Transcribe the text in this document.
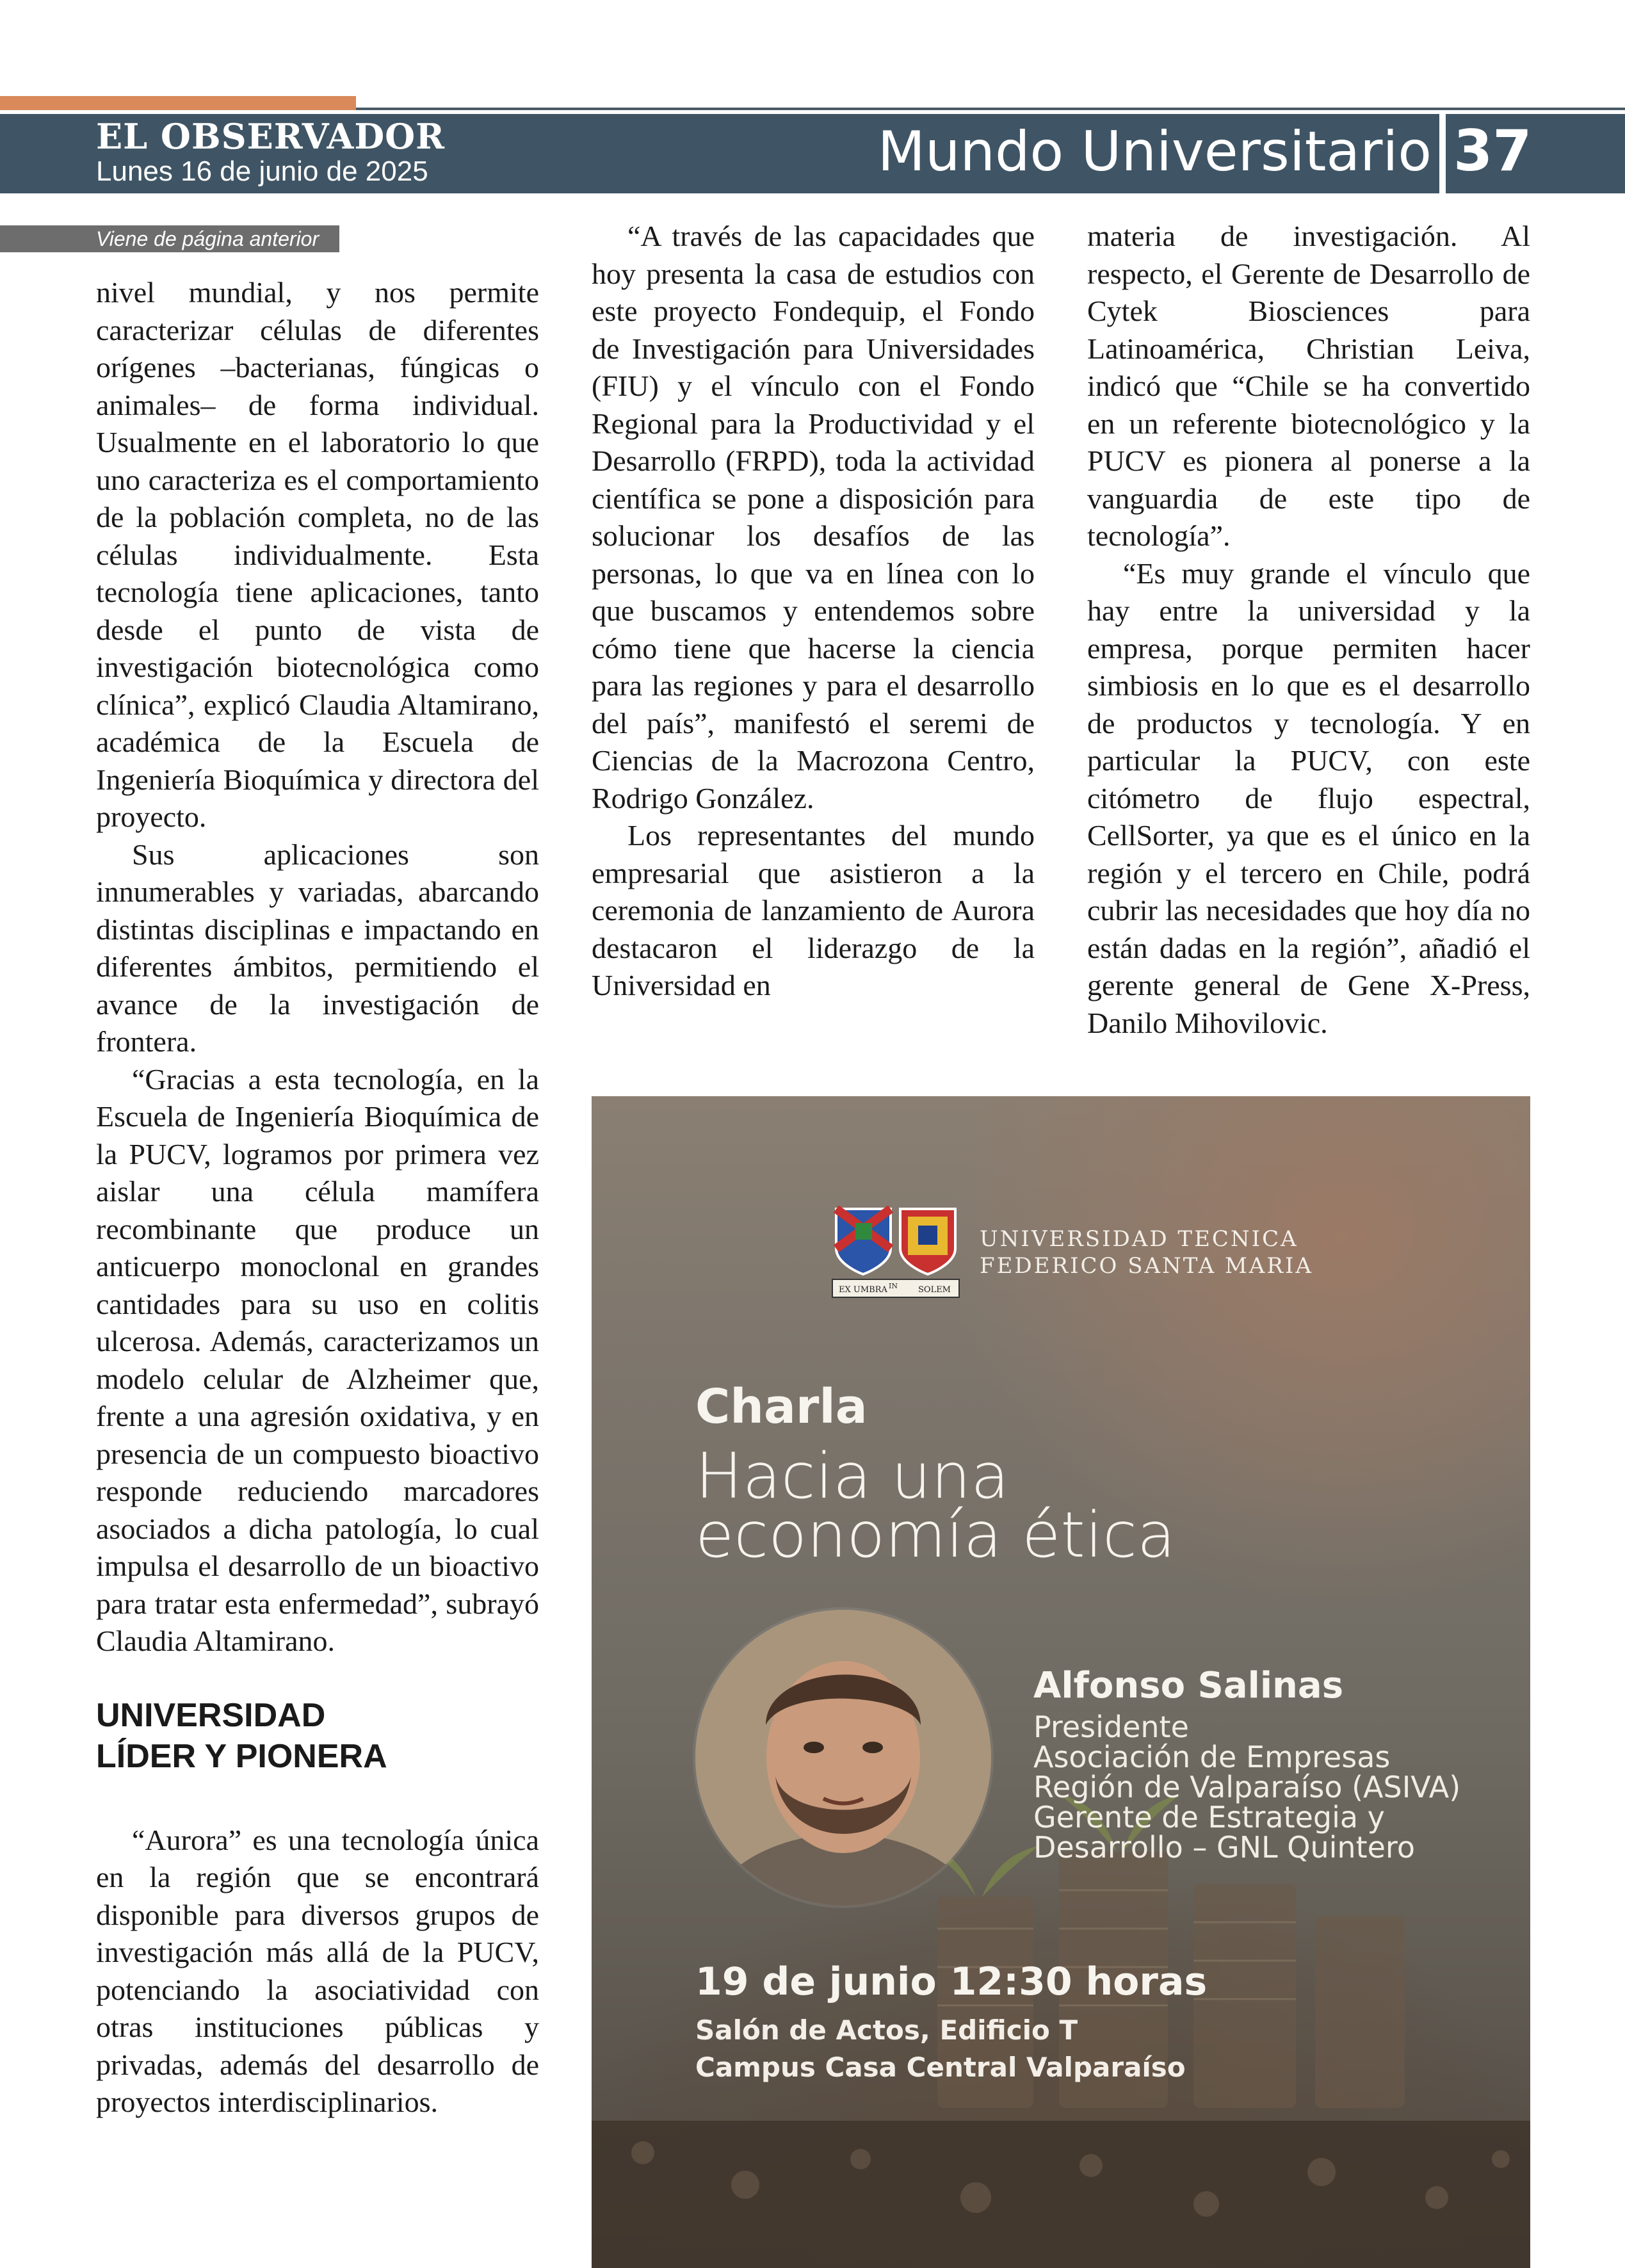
EL OBSERVADOR
Lunes 16 de junio de 2025	Mundo Universitario 37
Viene de página anterior

nivel mundial, y nos permite caracterizar células de diferentes orígenes –bacterianas, fúngicas o animales– de forma individual. Usualmente en el laboratorio lo que uno caracteriza es el comportamiento de la población completa, no de las células individualmente. Esta tecnología tiene aplicaciones, tanto desde el punto de vista de investigación biotecnológica como clínica”, explicó Claudia Altamirano, académica de la Escuela de Ingeniería Bioquímica y directora del proyecto.

Sus aplicaciones son innumerables y variadas, abarcando distintas disciplinas e impactando en diferentes ámbitos, permitiendo el avance de la investigación de frontera.

“Gracias a esta tecnología, en la Escuela de Ingeniería Bioquímica de la PUCV, logramos por primera vez aislar una célula mamífera recombinante que produce un anticuerpo monoclonal en grandes cantidades para su uso en colitis ulcerosa. Además, caracterizamos un modelo celular de Alzheimer que, frente a una agresión oxidativa, y en presencia de un compuesto bioactivo responde reduciendo marcadores asociados a dicha patología, lo cual impulsa el desarrollo de un bioactivo para tratar esta enfermedad”, subrayó Claudia Altamirano.

UNIVERSIDAD
LÍDER Y PIONERA

“Aurora” es una tecnología única en la región que se encontrará disponible para diversos grupos de investigación más allá de la PUCV, potenciando la asociatividad con otras instituciones públicas y privadas, además del desarrollo de proyectos interdisciplinarios.

“A través de las capacidades que hoy presenta la casa de estudios con este proyecto Fondequip, el Fondo de Investigación para Universidades (FIU) y el vínculo con el Fondo Regional para la Productividad y el Desarrollo (FRPD), toda la actividad científica se pone a disposición para solucionar los desafíos de las personas, lo que va en línea con lo que buscamos y entendemos sobre cómo tiene que hacerse la ciencia para las regiones y para el desarrollo del país”, manifestó el seremi de Ciencias de la Macrozona Centro, Rodrigo González.

Los representantes del mundo empresarial que asistieron a la ceremonia de lanzamiento de Aurora destacaron el liderazgo de la Universidad en

materia de investigación. Al respecto, el Gerente de Desarrollo de Cytek Biosciences para Latinoamérica, Christian Leiva, indicó que “Chile se ha convertido en un referente biotecnológico y la PUCV es pionera al ponerse a la vanguardia de este tipo de tecnología”.

“Es muy grande el vínculo que hay entre la universidad y la empresa, porque permiten hacer simbiosis en lo que es el desarrollo de productos y tecnología. Y en particular la PUCV, con este citómetro de flujo espectral, CellSorter, ya que es el único en la región y el tercero en Chile, podrá cubrir las necesidades que hoy día no están dadas en la región”, añadió el gerente general de Gene X-Press, Danilo Mihovilovic.

EX UMBRA IN SOLEM
UNIVERSIDAD TECNICA
FEDERICO SANTA MARIA
Charla
Hacia una
economía ética
Alfonso Salinas
Presidente
Asociación de Empresas
Región de Valparaíso (ASIVA)
Gerente de Estrategia y
Desarrollo – GNL Quintero
19 de junio 12:30 horas
Salón de Actos, Edificio T
Campus Casa Central Valparaíso
